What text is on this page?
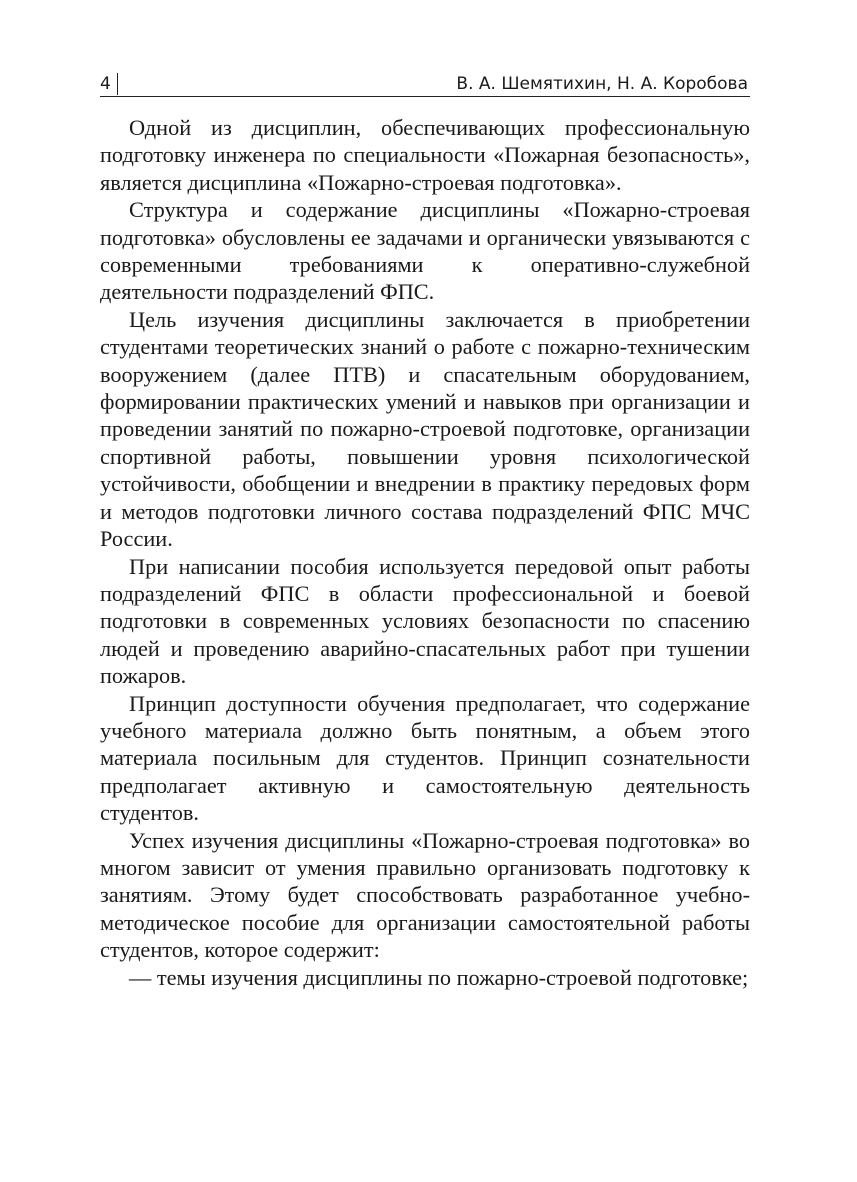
4	В. А. Шемятихин, Н. А. Коробова

Одной из дисциплин, обеспечивающих профессиональную подготовку инженера по специальности «Пожарная безопасность», является дисциплина «Пожарно-строевая подготовка».

Структура и содержание дисциплины «Пожарно-строевая подготовка» обусловлены ее задачами и органически увязываются с современными требованиями к оперативно-служебной деятельности подразделений ФПС.

Цель изучения дисциплины заключается в приобретении студентами теоретических знаний о работе с пожарно-техническим вооружением (далее ПТВ) и спасательным оборудованием, формировании практических умений и навыков при организации и проведении занятий по пожарно-строевой подготовке, организации спортивной работы, повышении уровня психологической устойчивости, обобщении и внедрении в практику передовых форм и методов подготовки личного состава подразделений ФПС МЧС России.

При написании пособия используется передовой опыт работы подразделений ФПС в области профессиональной и боевой подготовки в современных условиях безопасности по спасению людей и проведению аварийно-спасательных работ при тушении пожаров.

Принцип доступности обучения предполагает, что содержание учебного материала должно быть понятным, а объем этого материала посильным для студентов. Принцип сознательности предполагает активную и самостоятельную деятельность студентов.

Успех изучения дисциплины «Пожарно-строевая подготовка» во многом зависит от умения правильно организовать подготовку к занятиям. Этому будет способствовать разработанное учебно-методическое пособие для организации самостоятельной работы студентов, которое содержит:

— темы изучения дисциплины по пожарно-строевой подготовке;
